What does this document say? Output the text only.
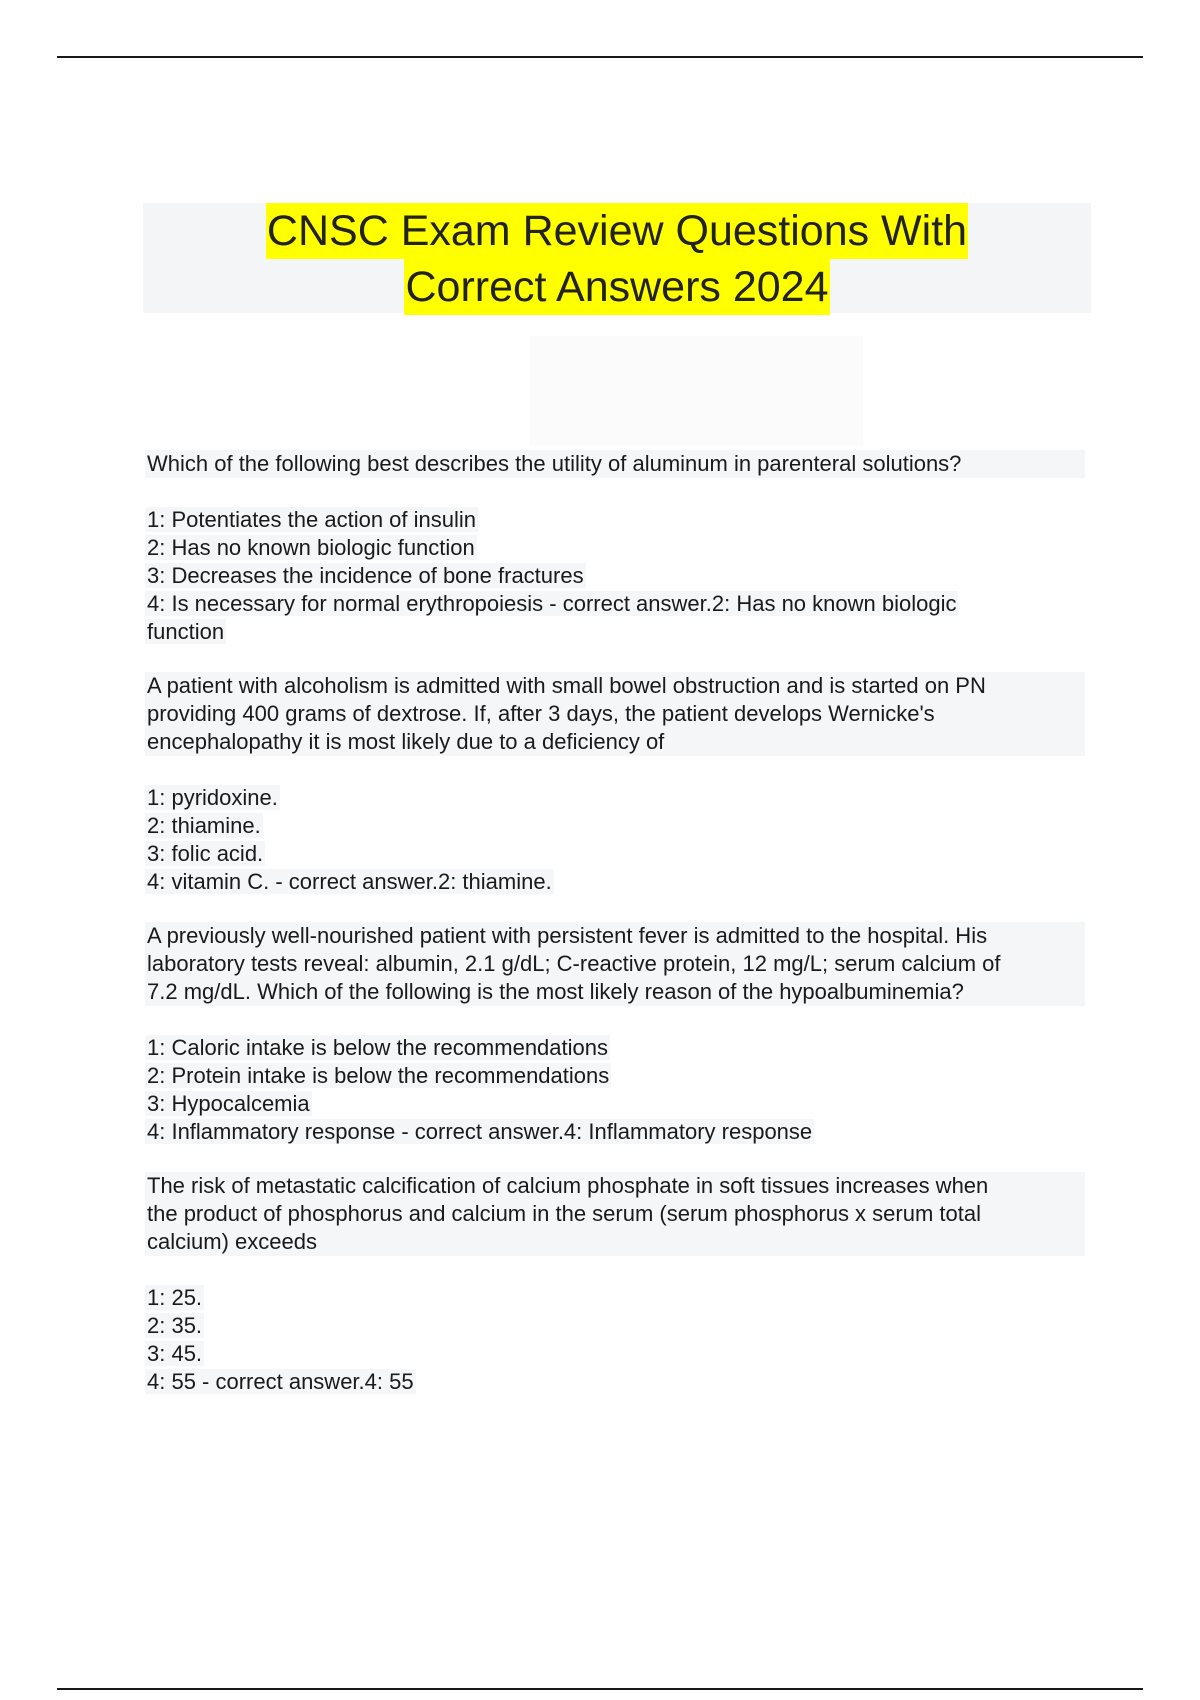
CNSC Exam Review Questions With
Correct Answers 2024
Which of the following best describes the utility of aluminum in parenteral solutions?
1: Potentiates the action of insulin
2: Has no known biologic function
3: Decreases the incidence of bone fractures
4: Is necessary for normal erythropoiesis - correct answer.2: Has no known biologic
function
A patient with alcoholism is admitted with small bowel obstruction and is started on PN
providing 400 grams of dextrose. If, after 3 days, the patient develops Wernicke's
encephalopathy it is most likely due to a deficiency of
1: pyridoxine.
2: thiamine.
3: folic acid.
4: vitamin C. - correct answer.2: thiamine.
A previously well-nourished patient with persistent fever is admitted to the hospital. His
laboratory tests reveal: albumin, 2.1 g/dL; C-reactive protein, 12 mg/L; serum calcium of
7.2 mg/dL. Which of the following is the most likely reason of the hypoalbuminemia?
1: Caloric intake is below the recommendations
2: Protein intake is below the recommendations
3: Hypocalcemia
4: Inflammatory response - correct answer.4: Inflammatory response
The risk of metastatic calcification of calcium phosphate in soft tissues increases when
the product of phosphorus and calcium in the serum (serum phosphorus x serum total
calcium) exceeds
1: 25.
2: 35.
3: 45.
4: 55 - correct answer.4: 55
